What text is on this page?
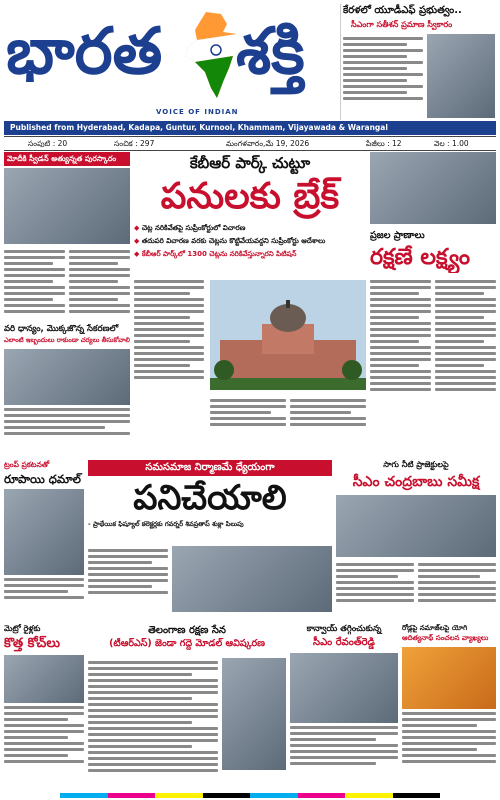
భారత శక్తి
VOICE OF INDIAN
కేరళలో యూడీఎఫ్ ప్రభుత్వం..
సీఎంగా సతీశన్ ప్రమాణ స్వీకారం
Published from Hyderabad, Kadapa, Guntur, Kurnool, Khammam, Vijayawada & Warangal
సంపుటి : 20	సంచిక : 297	మంగళవారం,మే 19, 2026	పేజీలు : 12	వెల : 1.00
మోదీకి స్వీడన్ అత్యున్నత పురస్కారం
వరి ధాన్యం, మొక్కజొన్న సేకరణలో
ఎలాంటి ఇబ్బందులు రాకుండా చర్యలు తీసుకోవాలి
కేబీఆర్ పార్క్ చుట్టూ
పనులకు బ్రేక్
◆ చెట్ల నరికివేతపై సుప్రీంకోర్టులో విచారణ
◆ తదుపరి విచారణ వరకు చెట్లను కొట్టివేయవద్దని సుప్రీంకోర్టు ఆదేశాలు
◆ కేబీఆర్ పార్క్‌లో 1300 చెట్లను నరికివేస్తున్నారని పిటిషన్
ప్రజల ప్రాణాలు
రక్షణే లక్ష్యం
ట్రంప్ ప్రకటనతో
రూపాయి ధమాల్
సమసమాజ నిర్మాణమే ధ్యేయంగా
పనిచేయాలి
- ప్రాథేయిక ఫిష్యూల్ కలెక్టర్లకు గవర్నర్ శివప్రతాప్ శుక్లా పిలుపు
సాగు నీటి ప్రాజెక్టులపై
సీఎం చంద్రబాబు సమీక్ష
మెట్రో రైళ్లకు
కొత్త కోచ్‌లు
తెలంగాణ రక్షణ సేన
(టీఆర్ఎస్) జెండా గద్దె మోడల్ ఆవిష్కరణ
కాన్వాయ్ తగ్గించుకున్న
సీఎం రేవంత్‌రెడ్డి
రోడ్లపై నమాజ్‌లపై యోగి
ఆదిత్యనాథ్ సంచలన వ్యాఖ్యలు
